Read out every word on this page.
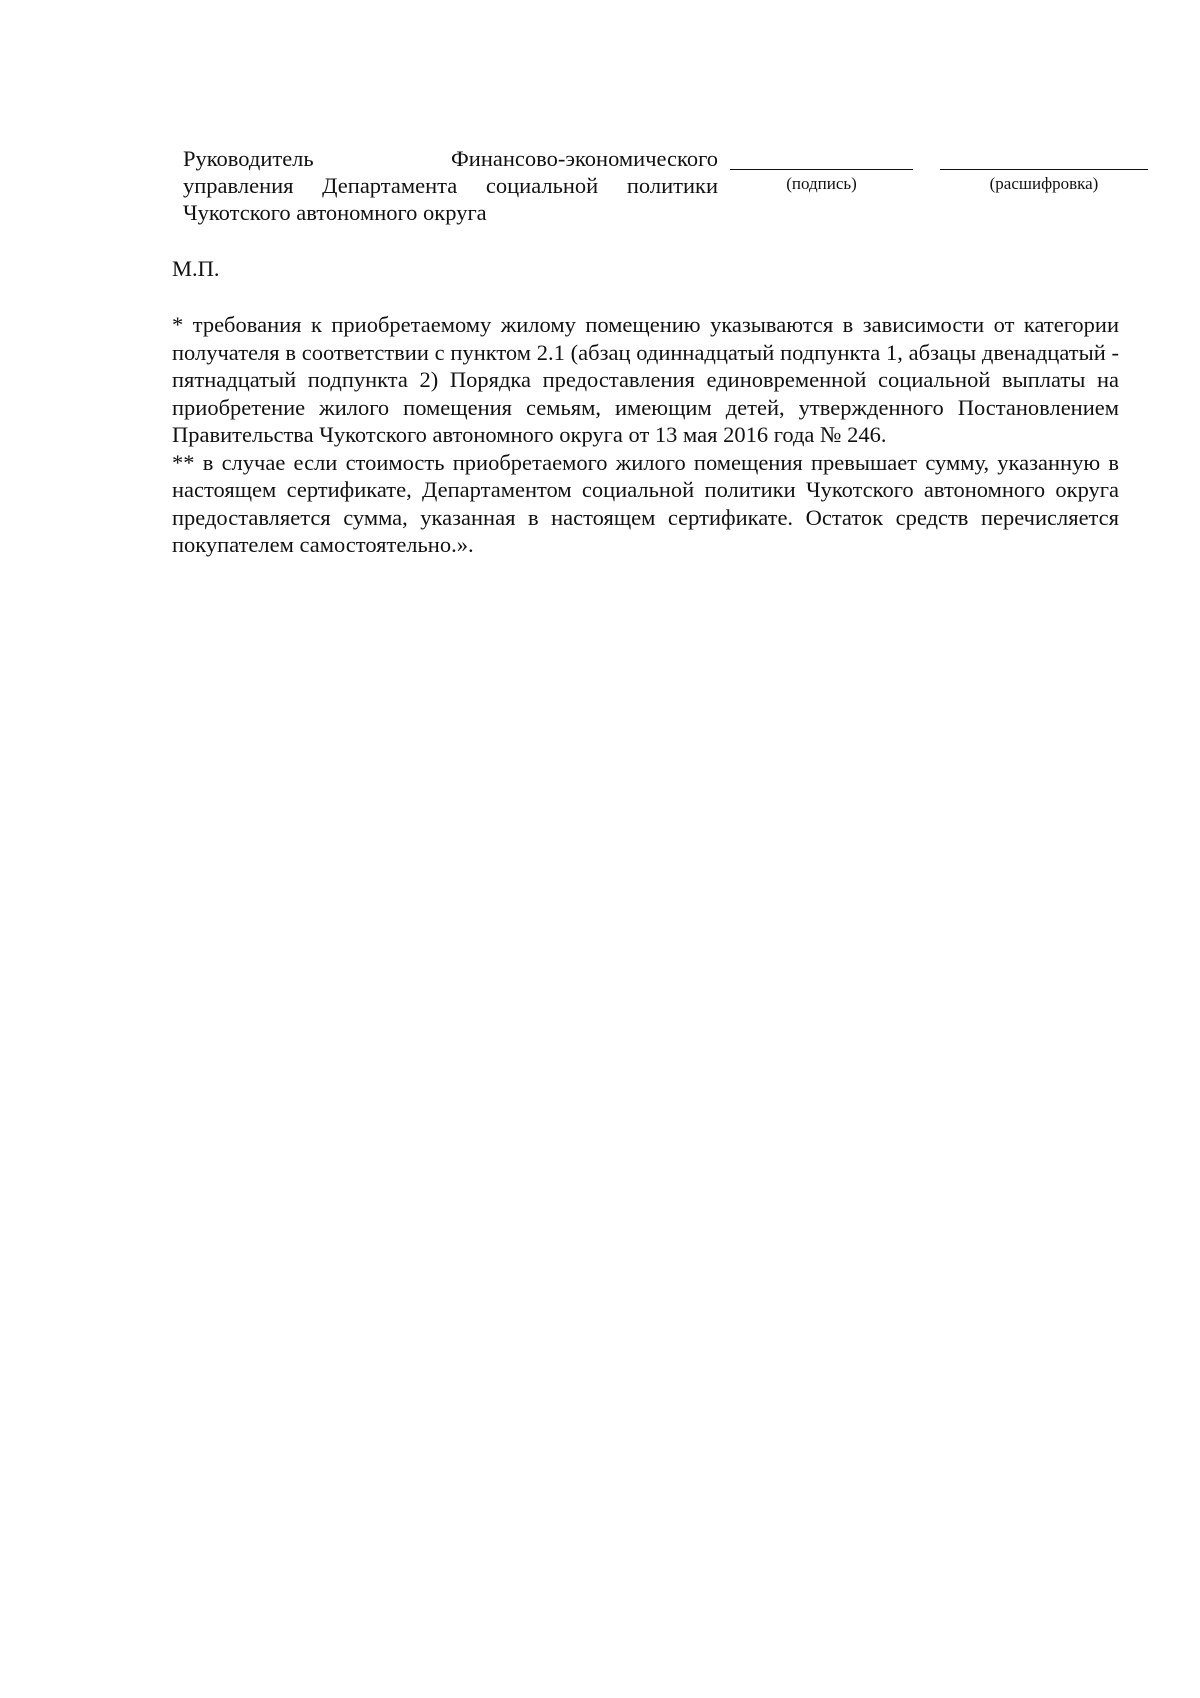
Руководитель Финансово-экономического
управления Департамента социальной политики
Чукотского автономного округа
(подпись)	(расшифровка)
М.П.

* требования к приобретаемому жилому помещению указываются в зависимости от категории получателя в соответствии с пунктом 2.1 (абзац одиннадцатый подпункта 1, абзацы двенадцатый - пятнадцатый подпункта 2) Порядка предоставления единовременной социальной выплаты на приобретение жилого помещения семьям, имеющим детей, утвержденного Постановлением Правительства Чукотского автономного округа от 13 мая 2016 года № 246.

** в случае если стоимость приобретаемого жилого помещения превышает сумму, указанную в настоящем сертификате, Департаментом социальной политики Чукотского автономного округа предоставляется сумма, указанная в настоящем сертификате. Остаток средств перечисляется покупателем самостоятельно.».
